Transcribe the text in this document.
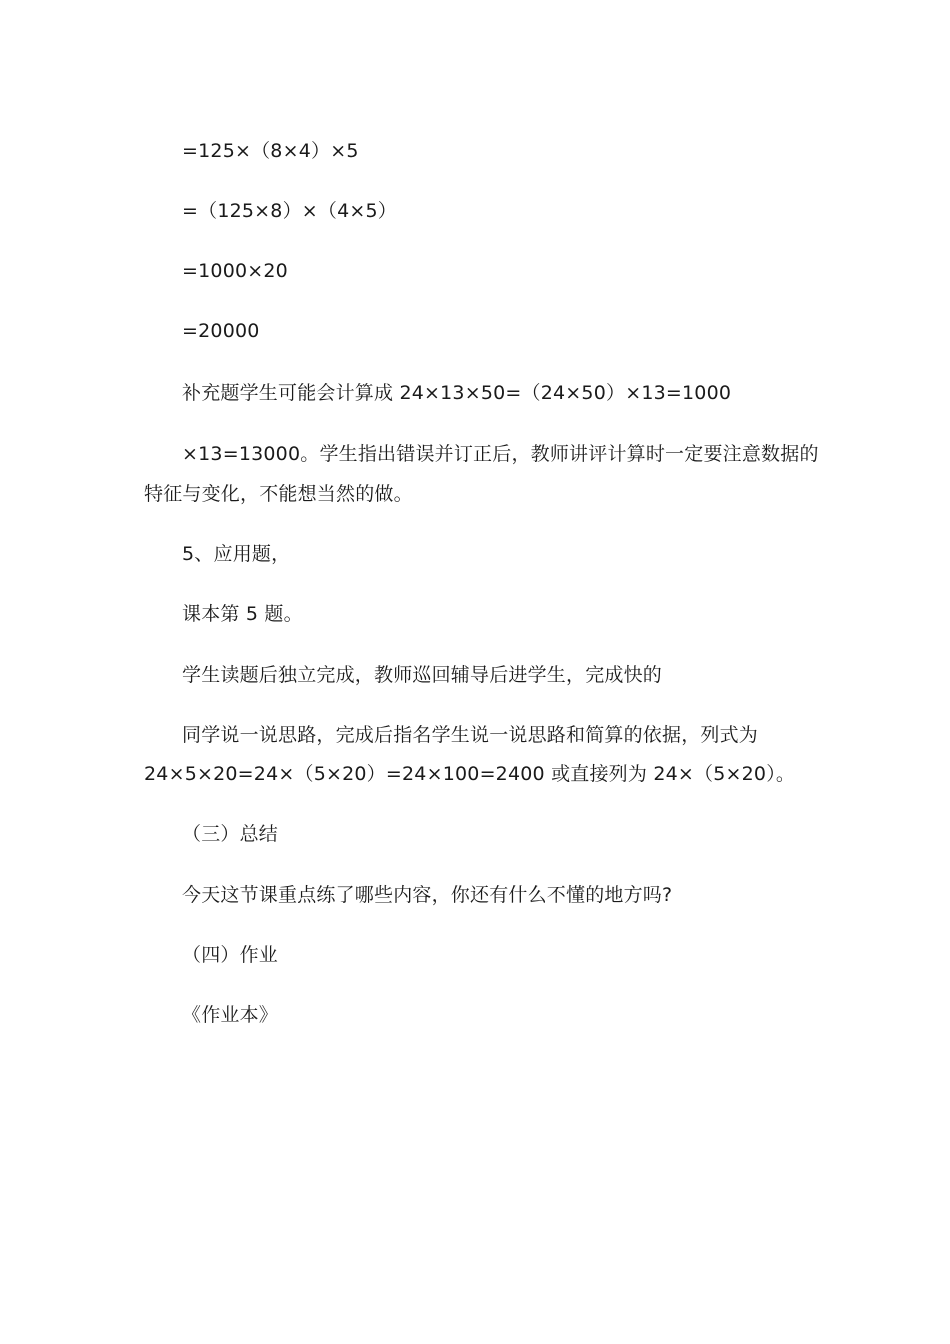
=125×（8×4）×5
=（125×8）×（4×5）
=1000×20
=20000
补充题学生可能会计算成 24×13×50=（24×50）×13=1000
×13=13000。学生指出错误并订正后，教师讲评计算时一定要注意数据的
特征与变化，不能想当然的做。
5、应用题，
课本第 5 题。
学生读题后独立完成，教师巡回辅导后进学生，完成快的
同学说一说思路，完成后指名学生说一说思路和简算的依据，列式为
24×5×20=24×（5×20）=24×100=2400 或直接列为 24×（5×20）。
（三）总结
今天这节课重点练了哪些内容，你还有什么不懂的地方吗?
（四）作业
《作业本》
